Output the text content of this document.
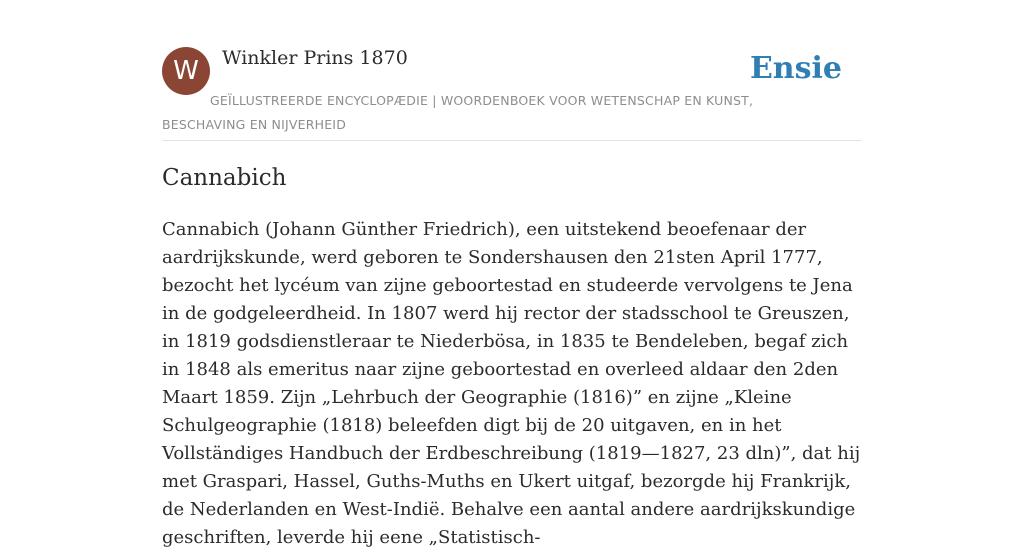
W	Winkler Prins 1870	Ensie
GEÏLLUSTREERDE ENCYCLOPÆDIE | WOORDENBOEK VOOR WETENSCHAP EN KUNST, BESCHAVING EN NIJVERHEID
Cannabich

Cannabich (Johann Günther Friedrich), een uitstekend beoefenaar der aardrijkskunde, werd geboren te Sondershausen den 21sten April 1777, bezocht het lycéum van zijne geboortestad en studeerde vervolgens te Jena in de godgeleerdheid. In 1807 werd hij rector der stadsschool te Greuszen, in 1819 godsdienstleraar te Niederbösa, in 1835 te Bendeleben, begaf zich in 1848 als emeritus naar zijne geboortestad en overleed aldaar den 2den Maart 1859. Zijn „Lehrbuch der Geographie (1816)” en zijne „Kleine Schulgeographie (1818) beleefden digt bij de 20 uitgaven, en in het Vollständiges Handbuch der Erdbeschreibung (1819—1827, 23 dln)”, dat hij met Graspari, Hassel, Guths-Muths en Ukert uitgaf, bezorgde hij Frankrijk, de Nederlanden en West-Indië. Behalve een aantal andere aardrijkskundige geschriften, leverde hij eene „Statistisch-
